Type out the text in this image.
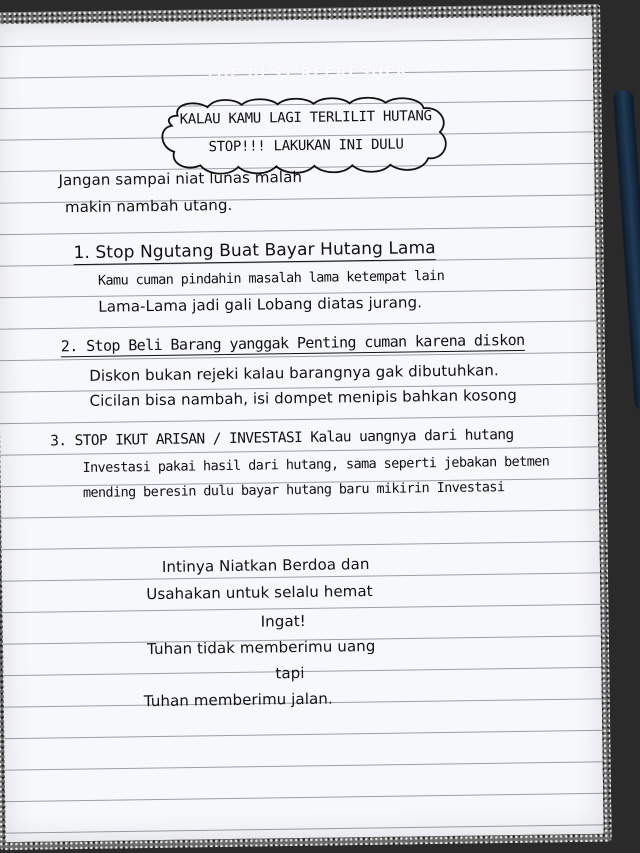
THE BEST REFRESHER
KALAU KAMU LAGI TERLILIT HUTANG
STOP!!! LAKUKAN INI DULU
Jangan sampai niat lunas malah
makin nambah utang.
1. Stop Ngutang Buat Bayar Hutang Lama
Kamu cuman pindahin masalah lama ketempat lain
Lama-Lama jadi gali Lobang diatas jurang.
2. Stop Beli Barang yanggak Penting cuman karena diskon
Diskon bukan rejeki kalau barangnya gak dibutuhkan.
Cicilan bisa nambah, isi dompet menipis bahkan kosong
3. STOP IKUT ARISAN / INVESTASI Kalau uangnya dari hutang
Investasi pakai hasil dari hutang, sama seperti jebakan betmen
mending beresin dulu bayar hutang baru mikirin Investasi
Intinya Niatkan Berdoa dan
Usahakan untuk selalu hemat
Ingat!
Tuhan tidak memberimu uang
tapi
Tuhan memberimu jalan.
